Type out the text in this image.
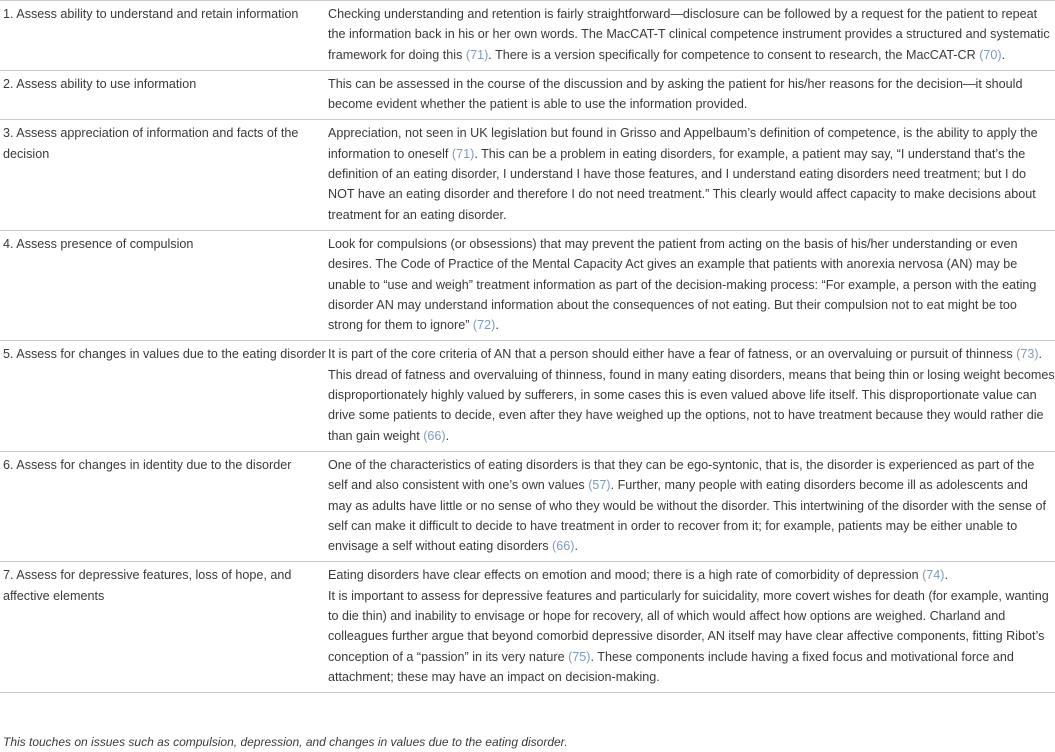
1. Assess ability to understand and retain information	Checking understanding and retention is fairly straightforward—disclosure can be followed by a request for the patient to repeat the information back in his or her own words. The MacCAT-T clinical competence instrument provides a structured and systematic framework for doing this (71). There is a version specifically for competence to consent to research, the MacCAT-CR (70).

2. Assess ability to use information	This can be assessed in the course of the discussion and by asking the patient for his/her reasons for the decision—it should become evident whether the patient is able to use the information provided.

3. Assess appreciation of information and facts of the decision	Appreciation, not seen in UK legislation but found in Grisso and Appelbaum’s definition of competence, is the ability to apply the information to oneself (71). This can be a problem in eating disorders, for example, a patient may say, “I understand that’s the definition of an eating disorder, I understand I have those features, and I understand eating disorders need treatment; but I do NOT have an eating disorder and therefore I do not need treatment.” This clearly would affect capacity to make decisions about treatment for an eating disorder.

4. Assess presence of compulsion	Look for compulsions (or obsessions) that may prevent the patient from acting on the basis of his/her understanding or even desires. The Code of Practice of the Mental Capacity Act gives an example that patients with anorexia nervosa (AN) may be unable to “use and weigh” treatment information as part of the decision-making process: “For example, a person with the eating disorder AN may understand information about the consequences of not eating. But their compulsion not to eat might be too strong for them to ignore” (72).

5. Assess for changes in values due to the eating disorder	It is part of the core criteria of AN that a person should either have a fear of fatness, or an overvaluing or pursuit of thinness (73). This dread of fatness and overvaluing of thinness, found in many eating disorders, means that being thin or losing weight becomes disproportionately highly valued by sufferers, in some cases this is even valued above life itself. This disproportionate value can drive some patients to decide, even after they have weighed up the options, not to have treatment because they would rather die than gain weight (66).

6. Assess for changes in identity due to the disorder	One of the characteristics of eating disorders is that they can be ego-syntonic, that is, the disorder is experienced as part of the self and also consistent with one’s own values (57). Further, many people with eating disorders become ill as adolescents and may as adults have little or no sense of who they would be without the disorder. This intertwining of the disorder with the sense of self can make it difficult to decide to have treatment in order to recover from it; for example, patients may be either unable to envisage a self without eating disorders (66).

7. Assess for depressive features, loss of hope, and affective elements	Eating disorders have clear effects on emotion and mood; there is a high rate of comorbidity of depression (74).
It is important to assess for depressive features and particularly for suicidality, more covert wishes for death (for example, wanting to die thin) and inability to envisage or hope for recovery, all of which would affect how options are weighed. Charland and colleagues further argue that beyond comorbid depressive disorder, AN itself may have clear affective components, fitting Ribot’s conception of a “passion” in its very nature (75). These components include having a fixed focus and motivational force and attachment; these may have an impact on decision-making.
This touches on issues such as compulsion, depression, and changes in values due to the eating disorder.
